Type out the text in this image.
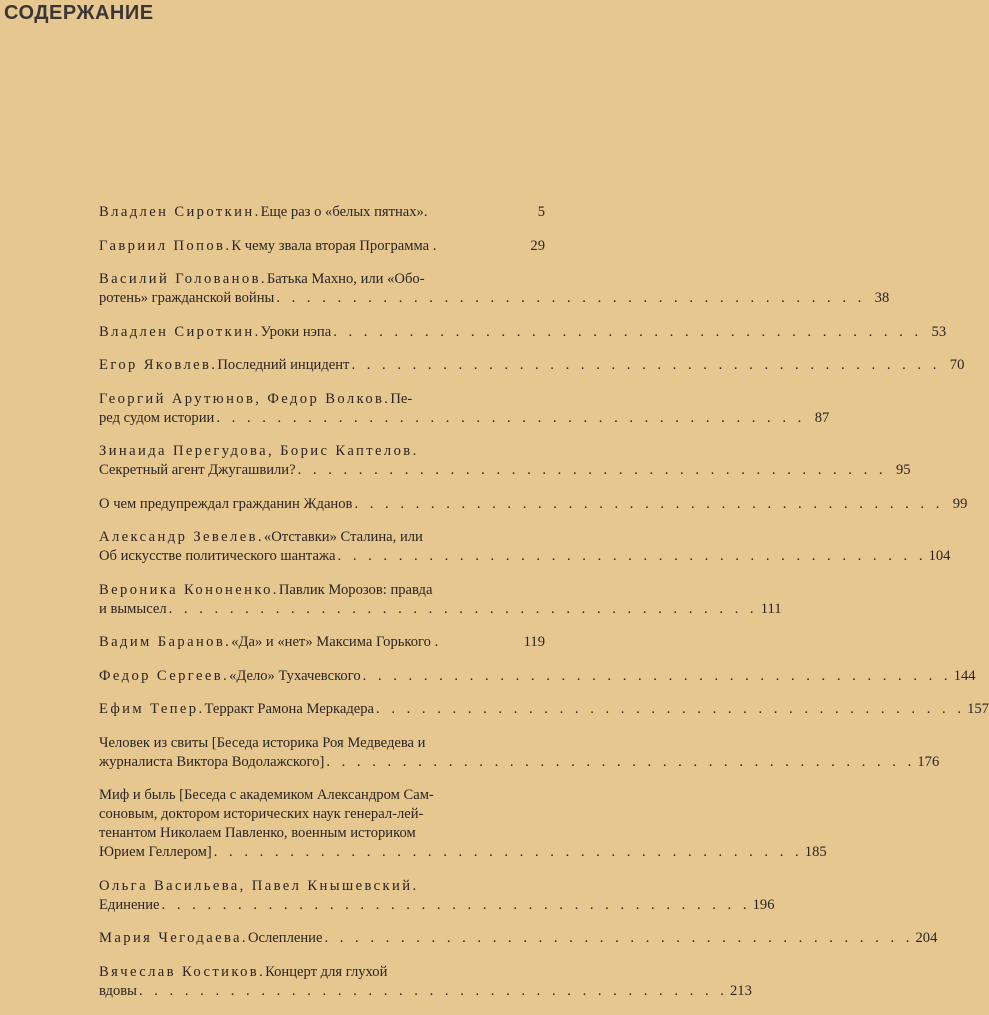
СОДЕРЖАНИЕ
Владлен Сироткин. Еще раз о «белых пятнах».	5
Гавриил Попов. К чему звала вторая Программа .	29
Василий Голованов. Батька Махно, или «Обо-
ротень» гражданской войны . . . . . . . . . . . . . . . . . . . . . . . . . . . . . . . . . . . . . . . 38
Владлен Сироткин. Уроки нэпа . . . . . . . . . . . . . . . . . . . . . . . . . . . . . . . . . . . . . . . 53
Егор Яковлев. Последний инцидент . . . . . . . . . . . . . . . . . . . . . . . . . . . . . . . . . . . . . . . 70
Георгий Арутюнов, Федор Волков. Пе-
ред судом истории . . . . . . . . . . . . . . . . . . . . . . . . . . . . . . . . . . . . . . . 87
Зинаида Перегудова, Борис Каптелов.
Секретный агент Джугашвили? . . . . . . . . . . . . . . . . . . . . . . . . . . . . . . . . . . . . . . . 95
О чем предупреждал гражданин Жданов . . . . . . . . . . . . . . . . . . . . . . . . . . . . . . . . . . . . . . . 99
Александр Зевелев. «Отставки» Сталина, или
Об искусстве политического шантажа . . . . . . . . . . . . . . . . . . . . . . . . . . . . . . . . . . . . . . . 104
Вероника Кононенко. Павлик Морозов: правда
и вымысел . . . . . . . . . . . . . . . . . . . . . . . . . . . . . . . . . . . . . . . 111
Вадим Баранов. «Да» и «нет» Максима Горького .	119
Федор Сергеев. «Дело» Тухачевского . . . . . . . . . . . . . . . . . . . . . . . . . . . . . . . . . . . . . . . 144
Ефим Тепер. Терракт Рамона Меркадера . . . . . . . . . . . . . . . . . . . . . . . . . . . . . . . . . . . . . . . 157
Человек из свиты [Беседа историка Роя Медведева и
журналиста Виктора Водолажского] . . . . . . . . . . . . . . . . . . . . . . . . . . . . . . . . . . . . . . . 176
Миф и быль [Беседа с академиком Александром Сам-
соновым, доктором исторических наук генерал-лей-
тенантом Николаем Павленко, военным историком
Юрием Геллером] . . . . . . . . . . . . . . . . . . . . . . . . . . . . . . . . . . . . . . . 185
Ольга Васильева, Павел Кнышевский.
Единение . . . . . . . . . . . . . . . . . . . . . . . . . . . . . . . . . . . . . . . 196
Мария Чегодаева. Ослепление . . . . . . . . . . . . . . . . . . . . . . . . . . . . . . . . . . . . . . . 204
Вячеслав Костиков. Концерт для глухой
вдовы . . . . . . . . . . . . . . . . . . . . . . . . . . . . . . . . . . . . . . . 213
